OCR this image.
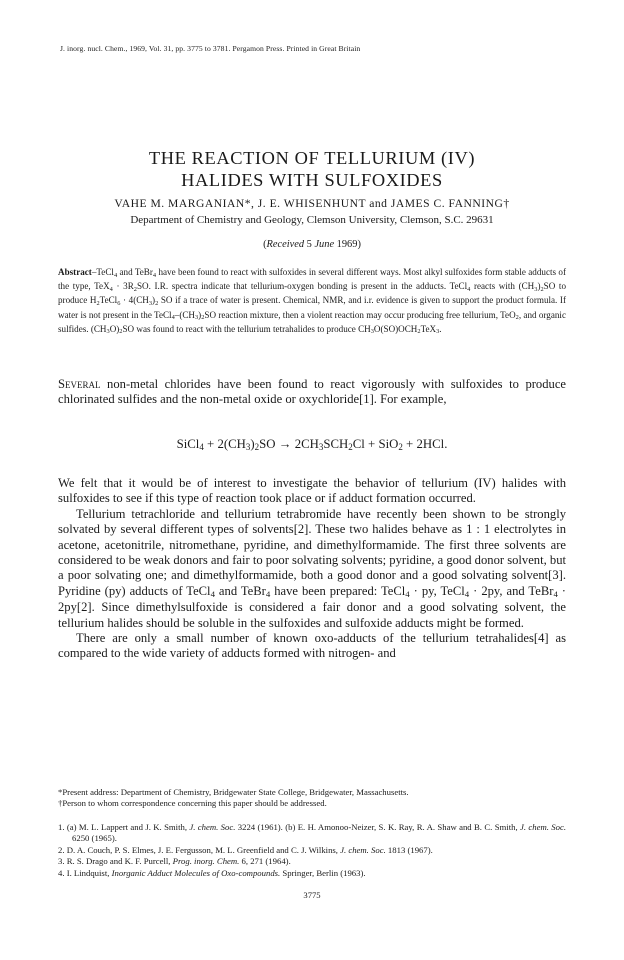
J. inorg. nucl. Chem., 1969, Vol. 31, pp. 3775 to 3781. Pergamon Press. Printed in Great Britain
THE REACTION OF TELLURIUM (IV)
HALIDES WITH SULFOXIDES
VAHE M. MARGANIAN*, J. E. WHISENHUNT and JAMES C. FANNING†
Department of Chemistry and Geology, Clemson University, Clemson, S.C. 29631
(Received 5 June 1969)
Abstract–TeCl$_4$ and TeBr$_4$ have been found to react with sulfoxides in several different ways. Most alkyl sulfoxides form stable adducts of the type, $TeX_4 \cdot 3R_2SO$. I.R. spectra indicate that tellurium-oxygen bonding is present in the adducts. TeCl$_4$ reacts with $(CH_3)_2SO$ to produce $H_2TeCl_6 \cdot 4(CH_3)_2$ SO if a trace of water is present. Chemical, NMR, and i.r. evidence is given to support the product formula. If water is not present in the $TeCl_4-(CH_3)_2SO$ reaction mixture, then a violent reaction may occur producing free tellurium, TeO$_2$, and organic sulfides. $(CH_3O)_2SO$ was found to react with the tellurium tetrahalides to produce $CH_3O(SO)OCH_2TeX_3$.
Several non-metal chlorides have been found to react vigorously with sulfoxides to produce chlorinated sulfides and the non-metal oxide or oxychloride[1]. For example,
SiCl$_4$ + $2(CH_3)_2SO \to 2CH_3SCH_2Cl + SiO_2 + 2HCl$.
We felt that it would be of interest to investigate the behavior of tellurium (IV) halides with sulfoxides to see if this type of reaction took place or if adduct formation occurred.
Tellurium tetrachloride and tellurium tetrabromide have recently been shown to be strongly solvated by several different types of solvents[2]. These two halides behave as 1 : 1 electrolytes in acetone, acetonitrile, nitromethane, pyridine, and dimethylformamide. The first three solvents are considered to be weak donors and fair to poor solvating solvents; pyridine, a good donor solvent, but a poor solvating one; and dimethylformamide, both a good donor and a good solvating solvent[3]. Pyridine (py) adducts of TeCl$_4$ and TeBr$_4$ have been prepared: TeCl$_4$ · py, TeCl$_4$ · 2py, and TeBr$_4$ · 2py[2]. Since dimethylsulfoxide is considered a fair donor and a good solvating solvent, the tellurium halides should be soluble in the sulfoxides and sulfoxide adducts might be formed.
There are only a small number of known oxo-adducts of the tellurium tetrahalides[4] as compared to the wide variety of adducts formed with nitrogen- and
*Present address: Department of Chemistry, Bridgewater State College, Bridgewater, Massachusetts.
†Person to whom correspondence concerning this paper should be addressed.
1. (a) M. L. Lappert and J. K. Smith, J. chem. Soc. 3224 (1961). (b) E. H. Amonoo-Neizer, S. K. Ray, R. A. Shaw and B. C. Smith, J. chem. Soc. 6250 (1965).
2. D. A. Couch, P. S. Elmes, J. E. Fergusson, M. L. Greenfield and C. J. Wilkins, J. chem. Soc. 1813 (1967).
3. R. S. Drago and K. F. Purcell, Prog. inorg. Chem. 6, 271 (1964).
4. I. Lindquist, Inorganic Adduct Molecules of Oxo-compounds. Springer, Berlin (1963).
3775
